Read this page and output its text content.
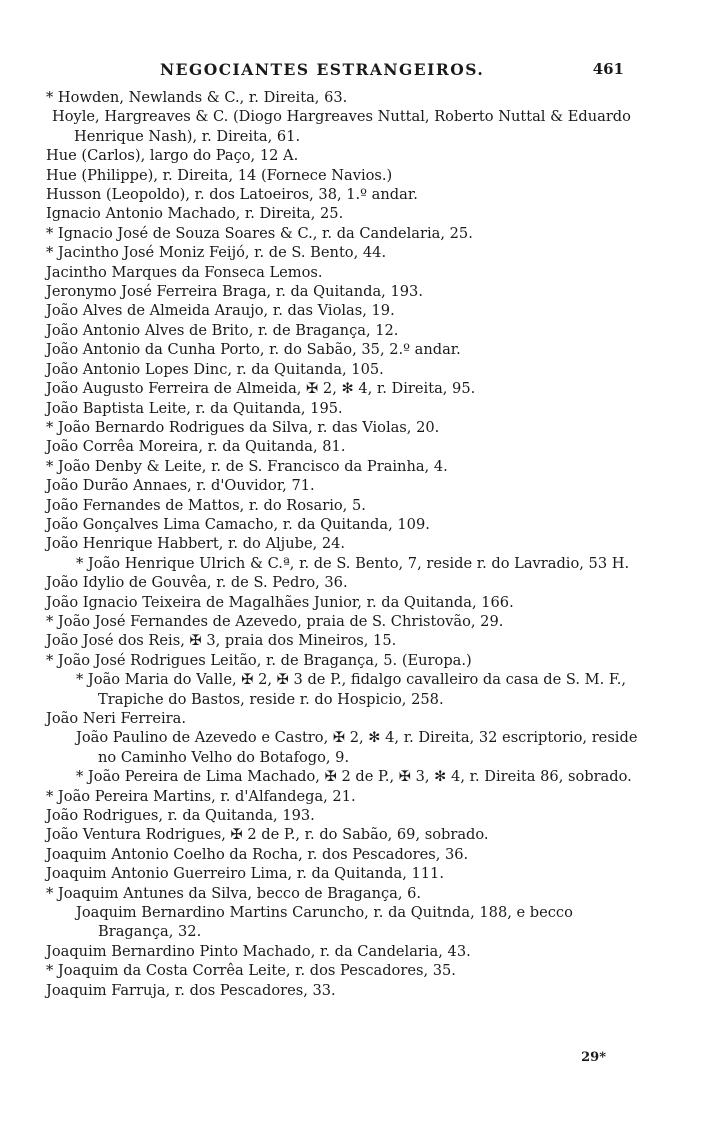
NEGOCIANTES ESTRANGEIROS.	461
* Howden, Newlands & C., r. Direita, 63.
Hoyle, Hargreaves & C. (Diogo Hargreaves Nuttal, Roberto Nuttal & Eduardo Henrique Nash), r. Direita, 61.
Hue (Carlos), largo do Paço, 12 A.
Hue (Philippe), r. Direita, 14 (Fornece Navios.)
Husson (Leopoldo), r. dos Latoeiros, 38, 1.º andar.
Ignacio Antonio Machado, r. Direita, 25.
* Ignacio José de Souza Soares & C., r. da Candelaria, 25.
* Jacintho José Moniz Feijó, r. de S. Bento, 44.
Jacintho Marques da Fonseca Lemos.
Jeronymo José Ferreira Braga, r. da Quitanda, 193.
João Alves de Almeida Araujo, r. das Violas, 19.
João Antonio Alves de Brito, r. de Bragança, 12.
João Antonio da Cunha Porto, r. do Sabão, 35, 2.º andar.
João Antonio Lopes Dinc, r. da Quitanda, 105.
João Augusto Ferreira de Almeida, ✠ 2, ✻ 4, r. Direita, 95.
João Baptista Leite, r. da Quitanda, 195.
* João Bernardo Rodrigues da Silva, r. das Violas, 20.
João Corrêa Moreira, r. da Quitanda, 81.
* João Denby & Leite, r. de S. Francisco da Prainha, 4.
João Durão Annaes, r. d'Ouvidor, 71.
João Fernandes de Mattos, r. do Rosario, 5.
João Gonçalves Lima Camacho, r. da Quitanda, 109.
João Henrique Habbert, r. do Aljube, 24.
* João Henrique Ulrich & C.ª, r. de S. Bento, 7, reside r. do Lavradio, 53 H.
João Idylio de Gouvêa, r. de S. Pedro, 36.
João Ignacio Teixeira de Magalhães Junior, r. da Quitanda, 166.
* João José Fernandes de Azevedo, praia de S. Christovão, 29.
João José dos Reis, ✠ 3, praia dos Mineiros, 15.
* João José Rodrigues Leitão, r. de Bragança, 5. (Europa.)
* João Maria do Valle, ✠ 2, ✠ 3 de P., fidalgo cavalleiro da casa de S. M. F., Trapiche do Bastos, reside r. do Hospicio, 258.
João Neri Ferreira.
João Paulino de Azevedo e Castro, ✠ 2, ✻ 4, r. Direita, 32 escriptorio, reside no Caminho Velho do Botafogo, 9.
* João Pereira de Lima Machado, ✠ 2 de P., ✠ 3, ✻ 4, r. Direita 86, sobrado.
* João Pereira Martins, r. d'Alfandega, 21.
João Rodrigues, r. da Quitanda, 193.
João Ventura Rodrigues, ✠ 2 de P., r. do Sabão, 69, sobrado.
Joaquim Antonio Coelho da Rocha, r. dos Pescadores, 36.
Joaquim Antonio Guerreiro Lima, r. da Quitanda, 111.
* Joaquim Antunes da Silva, becco de Bragança, 6.
Joaquim Bernardino Martins Caruncho, r. da Quitnda, 188, e becco Bragança, 32.
Joaquim Bernardino Pinto Machado, r. da Candelaria, 43.
* Joaquim da Costa Corrêa Leite, r. dos Pescadores, 35.
Joaquim Farruja, r. dos Pescadores, 33.
29*
